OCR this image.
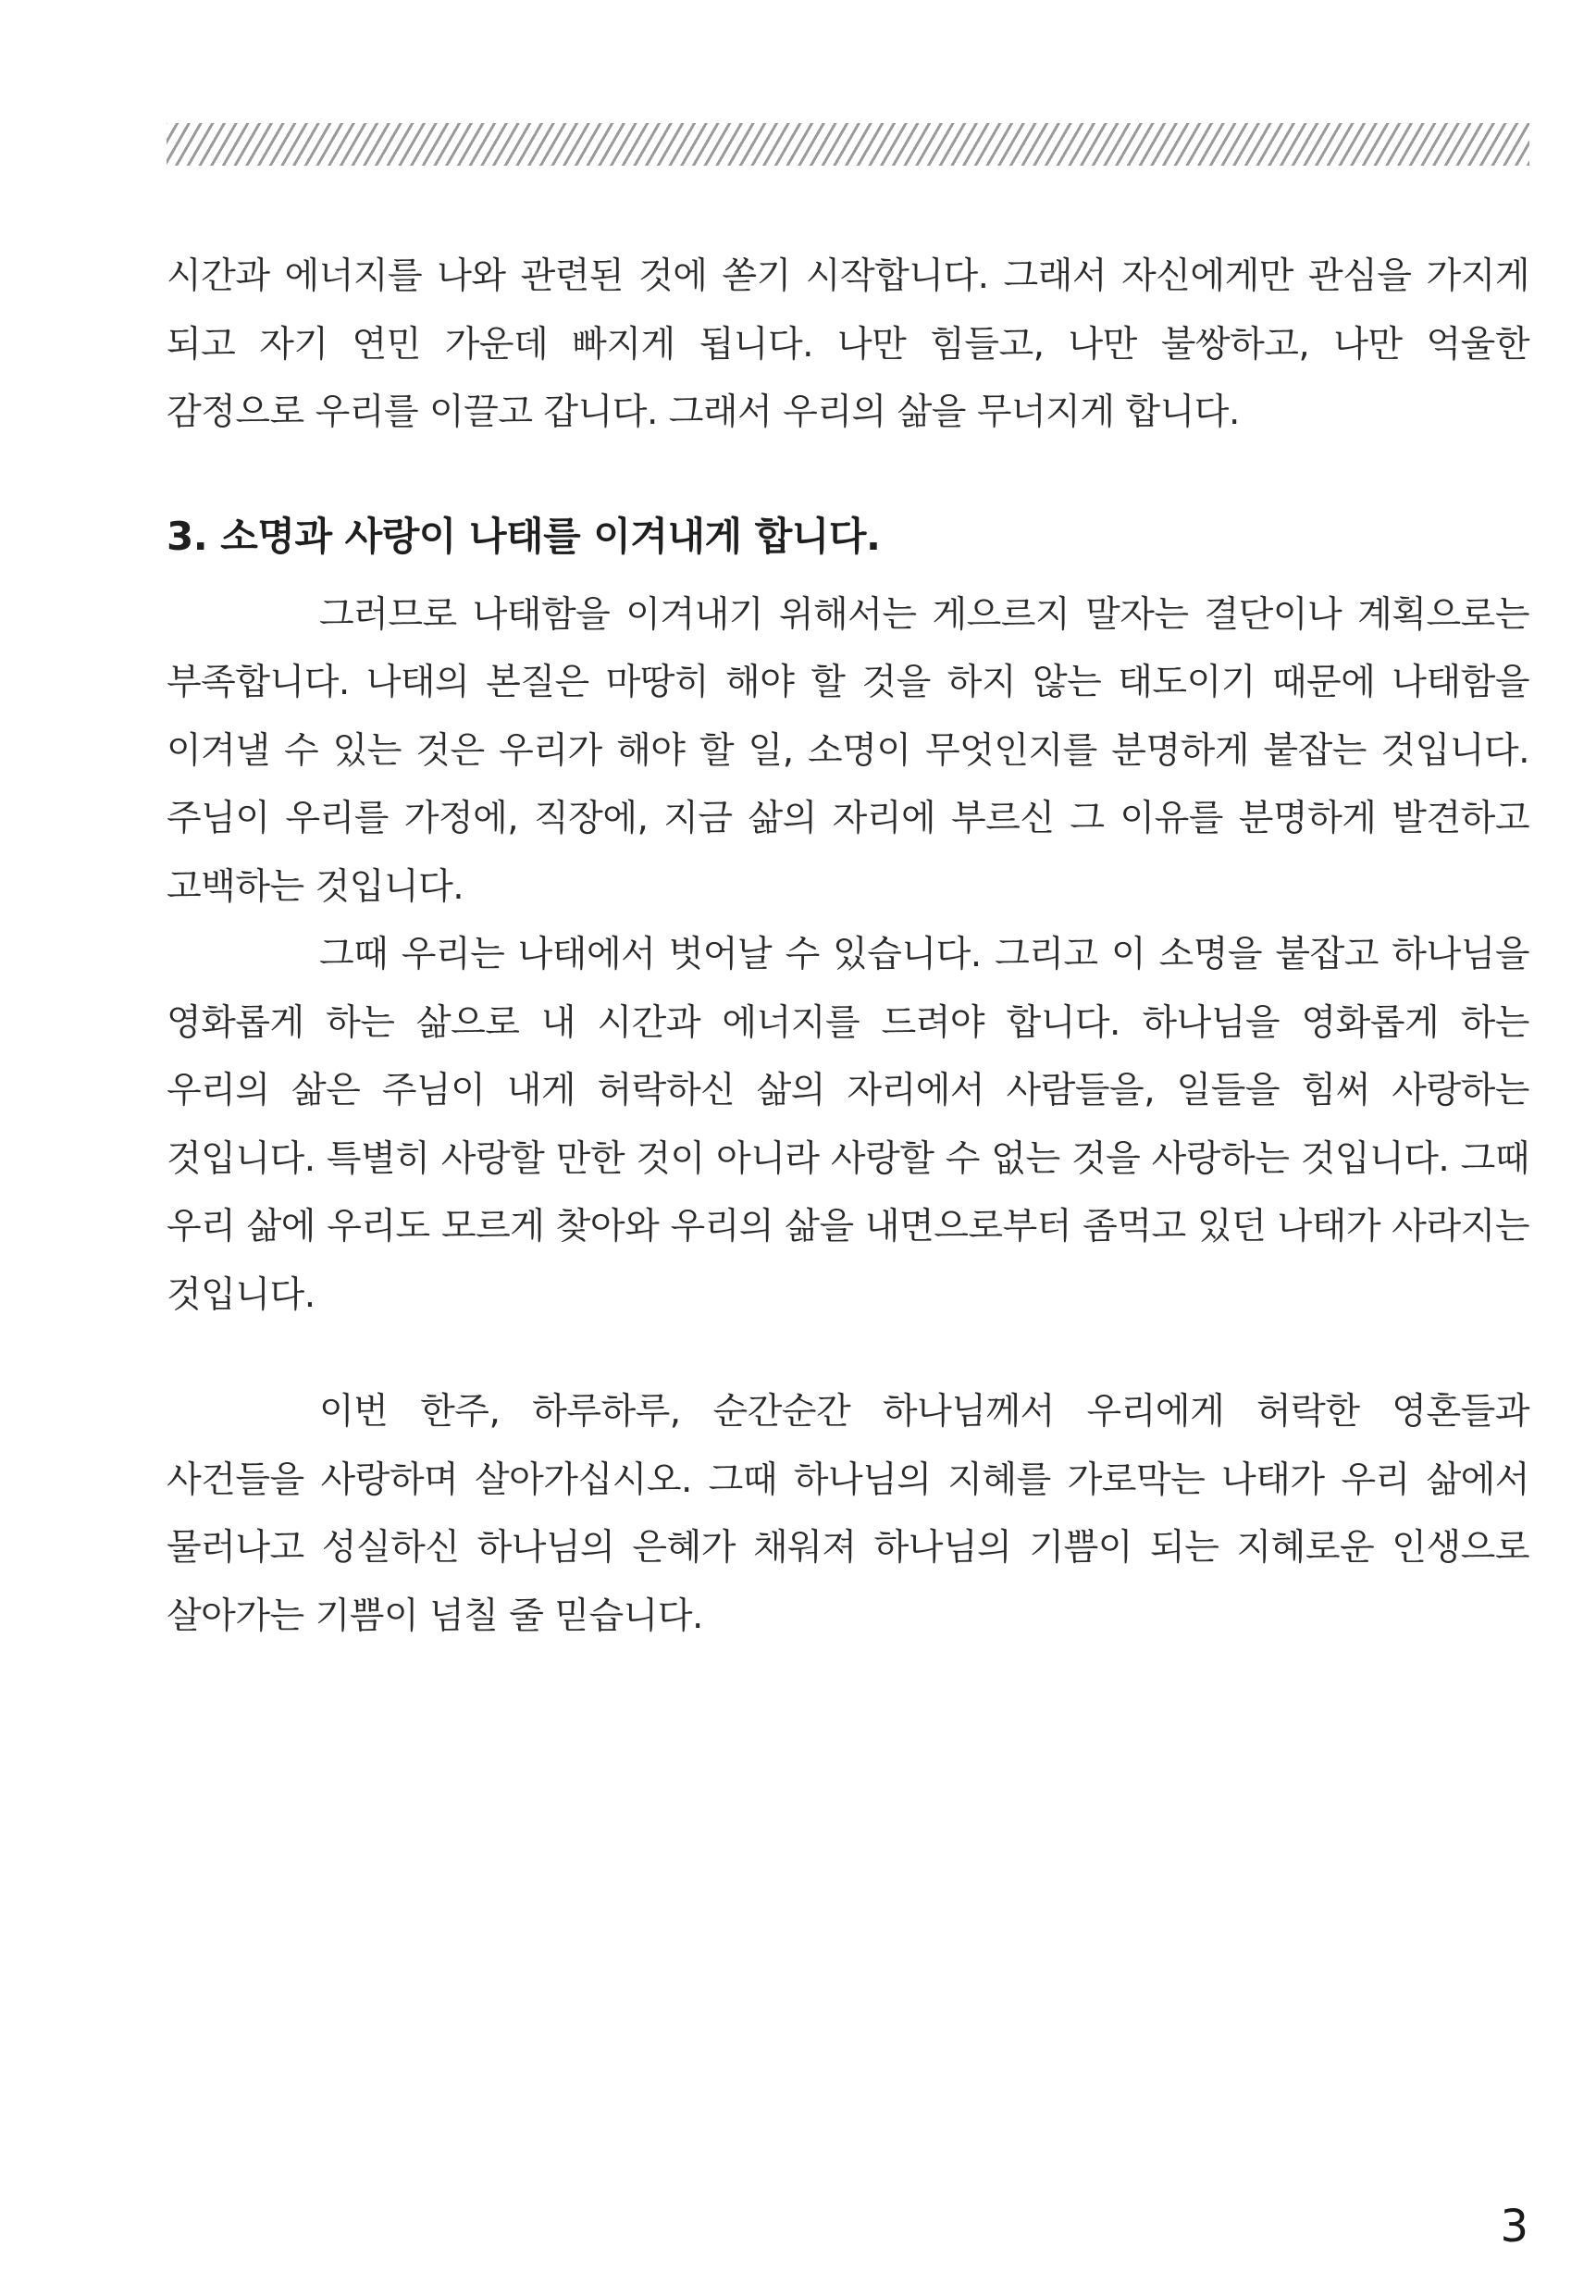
시간과 에너지를 나와 관련된 것에 쏟기 시작합니다. 그래서 자신에게만 관심을 가지게 되고 자기 연민 가운데 빠지게 됩니다. 나만 힘들고, 나만 불쌍하고, 나만 억울한 감정으로 우리를 이끌고 갑니다. 그래서 우리의 삶을 무너지게 합니다.

3. 소명과 사랑이 나태를 이겨내게 합니다.

그러므로 나태함을 이겨내기 위해서는 게으르지 말자는 결단이나 계획으로는 부족합니다. 나태의 본질은 마땅히 해야 할 것을 하지 않는 태도이기 때문에 나태함을 이겨낼 수 있는 것은 우리가 해야 할 일, 소명이 무엇인지를 분명하게 붙잡는 것입니다. 주님이 우리를 가정에, 직장에, 지금 삶의 자리에 부르신 그 이유를 분명하게 발견하고 고백하는 것입니다.

그때 우리는 나태에서 벗어날 수 있습니다. 그리고 이 소명을 붙잡고 하나님을 영화롭게 하는 삶으로 내 시간과 에너지를 드려야 합니다. 하나님을 영화롭게 하는 우리의 삶은 주님이 내게 허락하신 삶의 자리에서 사람들을, 일들을 힘써 사랑하는 것입니다. 특별히 사랑할 만한 것이 아니라 사랑할 수 없는 것을 사랑하는 것입니다. 그때 우리 삶에 우리도 모르게 찾아와 우리의 삶을 내면으로부터 좀먹고 있던 나태가 사라지는 것입니다.

이번 한주, 하루하루, 순간순간 하나님께서 우리에게 허락한 영혼들과 사건들을 사랑하며 살아가십시오. 그때 하나님의 지혜를 가로막는 나태가 우리 삶에서 물러나고 성실하신 하나님의 은혜가 채워져 하나님의 기쁨이 되는 지혜로운 인생으로 살아가는 기쁨이 넘칠 줄 믿습니다.

3
